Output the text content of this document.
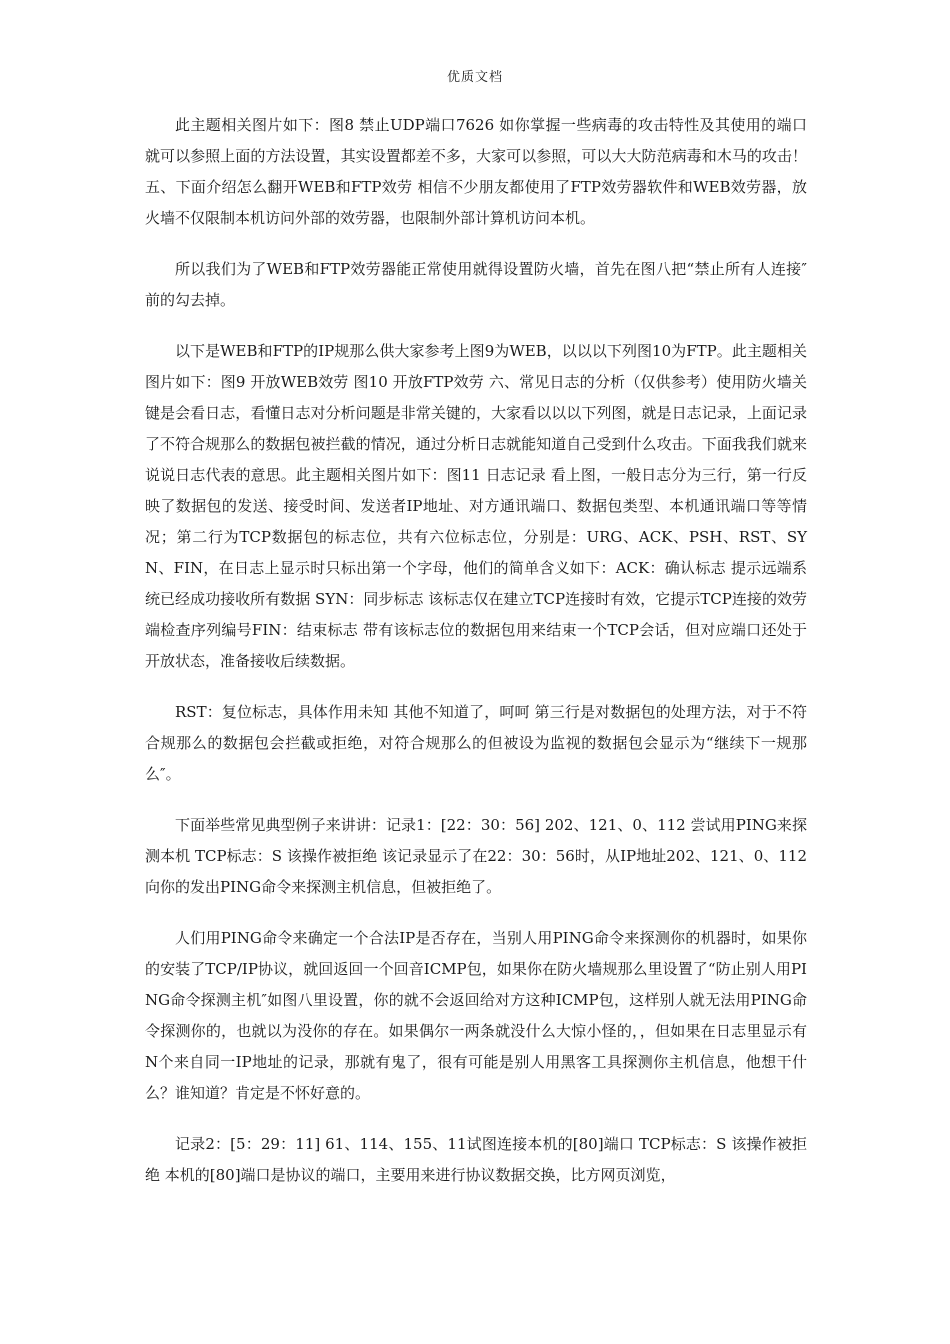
优质文档

此主题相关图片如下：图8 禁止UDP端口7626 如你掌握一些病毒的攻击特性及其使用的端口就可以参照上面的方法设置，其实设置都差不多，大家可以参照，可以大大防范病毒和木马的攻击！ 五、下面介绍怎么翻开WEB和FTP效劳 相信不少朋友都使用了FTP效劳器软件和WEB效劳器，放火墙不仅限制本机访问外部的效劳器，也限制外部计算机访问本机。

所以我们为了WEB和FTP效劳器能正常使用就得设置防火墙，首先在图八把“禁止所有人连接″前的勾去掉。

以下是WEB和FTP的IP规那么供大家参考上图9为WEB，以以以下列图10为FTP。此主题相关图片如下：图9 开放WEB效劳 图10 开放FTP效劳 六、常见日志的分析（仅供参考）使用防火墙关键是会看日志，看懂日志对分析问题是非常关键的，大家看以以以下列图，就是日志记录，上面记录了不符合规那么的数据包被拦截的情况，通过分析日志就能知道自己受到什么攻击。下面我我们就来说说日志代表的意思。此主题相关图片如下：图11 日志记录 看上图，一般日志分为三行，第一行反映了数据包的发送、接受时间、发送者IP地址、对方通讯端口、数据包类型、本机通讯端口等等情况；第二行为TCP数据包的标志位，共有六位标志位，分别是：URG、ACK、PSH、RST、SYN、FIN，在日志上显示时只标出第一个字母，他们的简单含义如下：ACK：确认标志 提示远端系统已经成功接收所有数据 SYN：同步标志 该标志仅在建立TCP连接时有效，它提示TCP连接的效劳端检查序列编号FIN：结束标志 带有该标志位的数据包用来结束一个TCP会话，但对应端口还处于开放状态，准备接收后续数据。

RST：复位标志，具体作用未知 其他不知道了，呵呵 第三行是对数据包的处理方法，对于不符合规那么的数据包会拦截或拒绝，对符合规那么的但被设为监视的数据包会显示为“继续下一规那么″。

下面举些常见典型例子来讲讲：记录1：[22：30：56] 202、121、0、112 尝试用PING来探测本机 TCP标志：S 该操作被拒绝 该记录显示了在22：30：56时，从IP地址202、121、0、112 向你的发出PING命令来探测主机信息，但被拒绝了。

人们用PING命令来确定一个合法IP是否存在，当别人用PING命令来探测你的机器时，如果你的安装了TCP/IP协议，就回返回一个回音ICMP包，如果你在防火墙规那么里设置了“防止别人用PING命令探测主机″如图八里设置，你的就不会返回给对方这种ICMP包，这样别人就无法用PING命令探测你的，也就以为没你的存在。如果偶尔一两条就没什么大惊小怪的，，但如果在日志里显示有N个来自同一IP地址的记录，那就有鬼了，很有可能是别人用黑客工具探测你主机信息，他想干什么？谁知道？肯定是不怀好意的。

记录2：[5：29：11] 61、114、155、11试图连接本机的[80]端口 TCP标志：S 该操作被拒绝 本机的[80]端口是协议的端口，主要用来进行协议数据交换，比方网页浏览，
